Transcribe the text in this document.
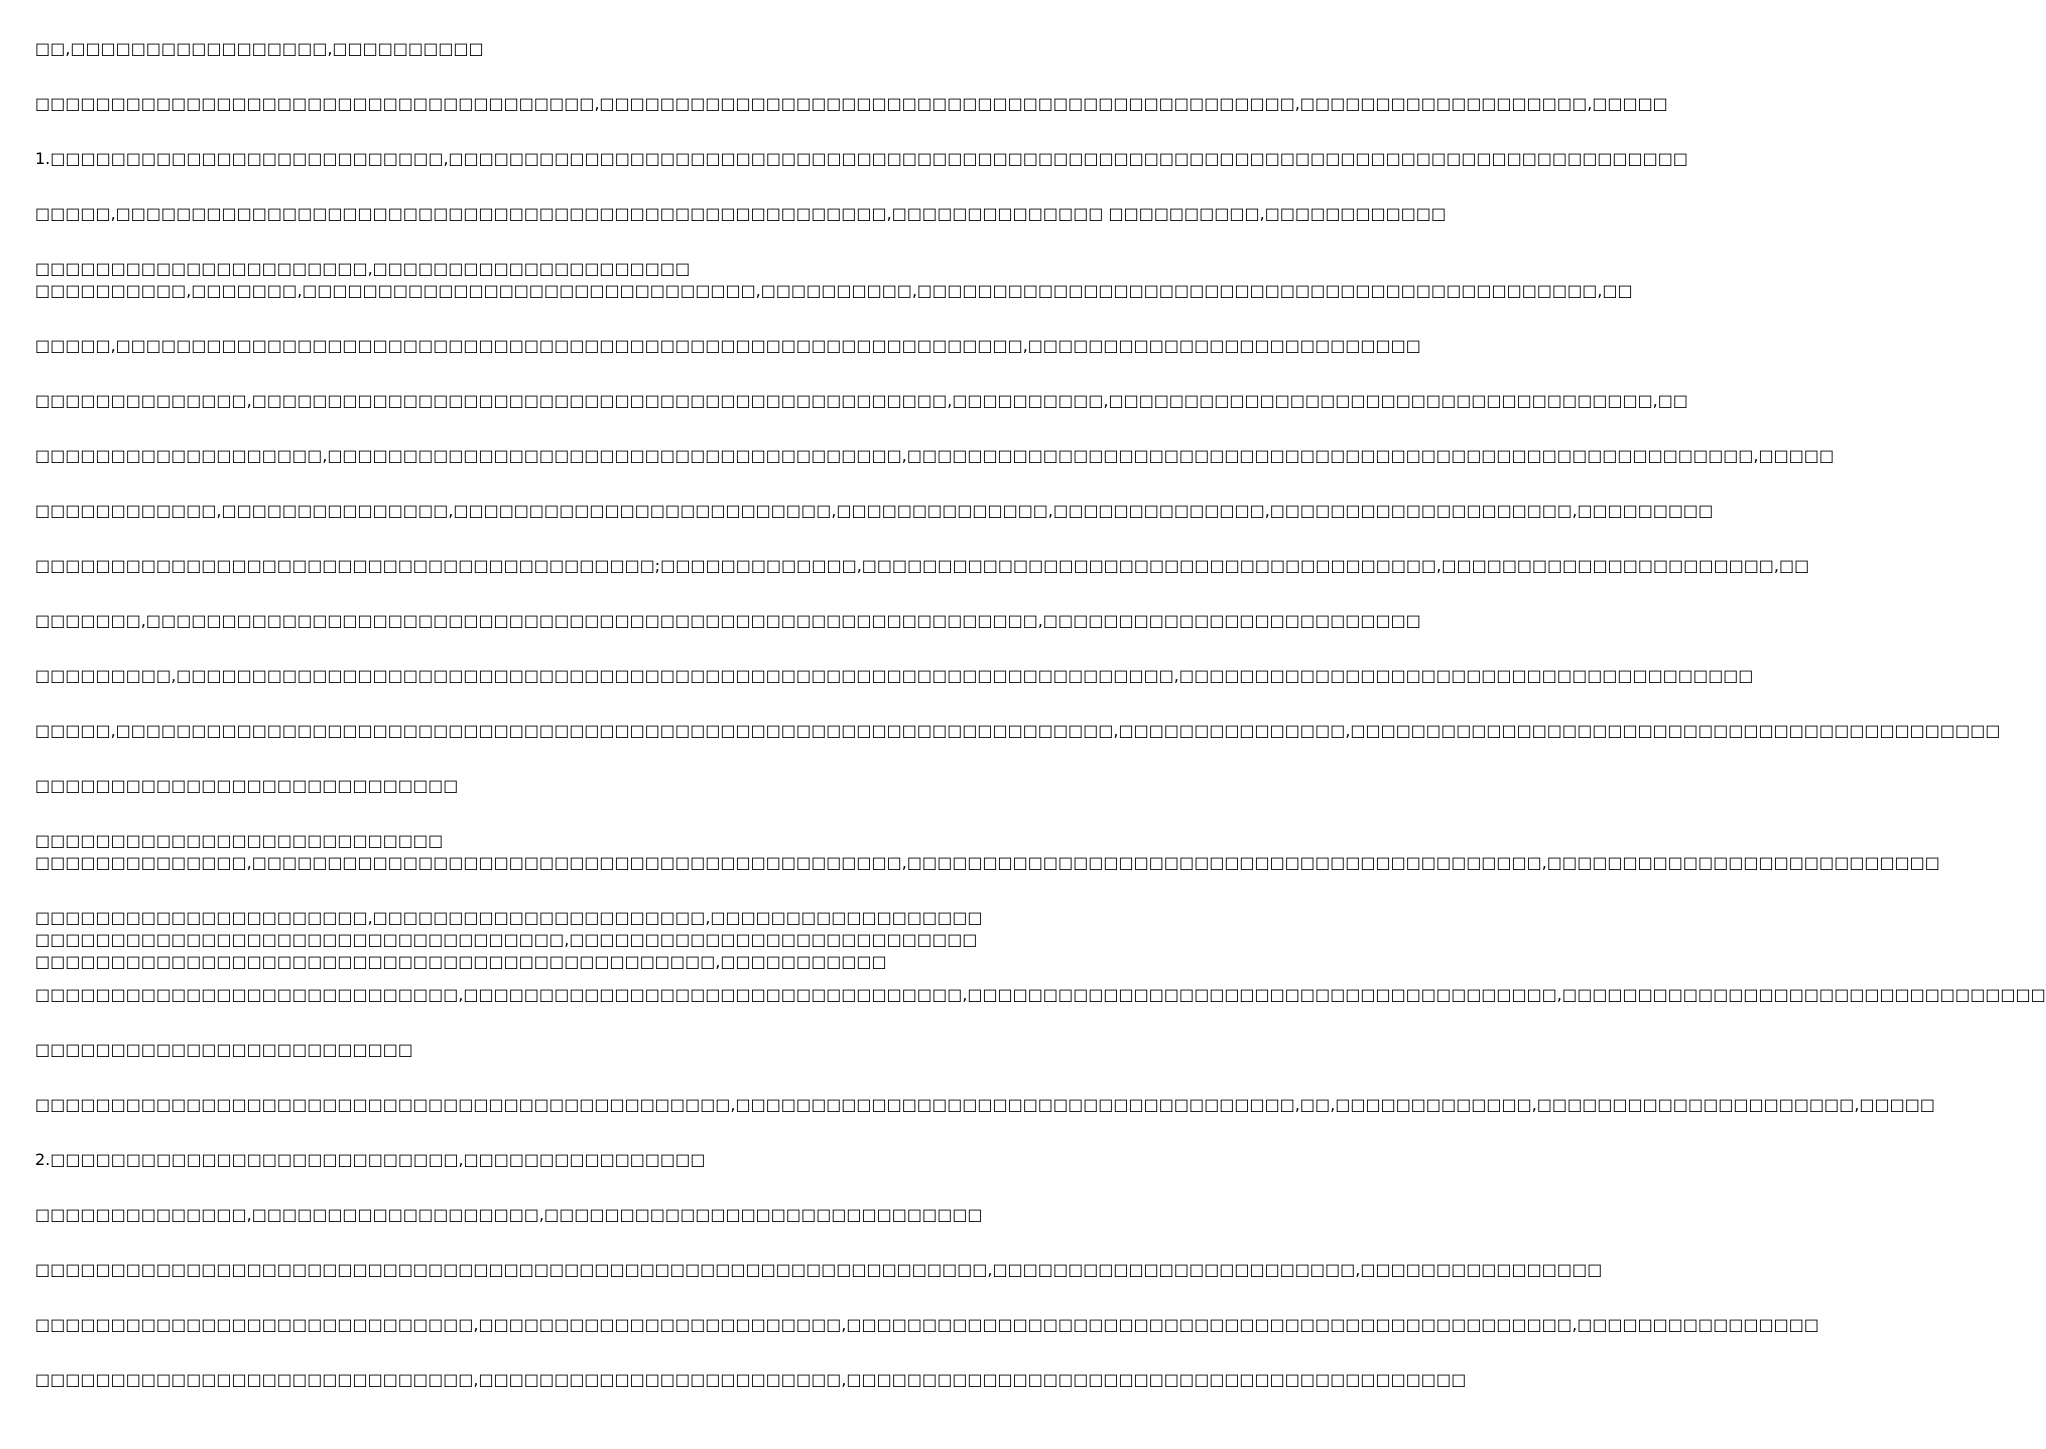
□□,□□□□□□□□□□□□□□□□□,□□□□□□□□□□
□□□□□□□□□□□□□□□□□□□□□□□□□□□□□□□□□□□□□,□□□□□□□□□□□□□□□□□□□□□□□□□□□□□□□□□□□□□□□□□□□□□□,□□□□□□□□□□□□□□□□□□□,□□□□□
1.□□□□□□□□□□□□□□□□□□□□□□□□□□,□□□□□□□□□□□□□□□□□□□□□□□□□□□□□□□□□□□□□□□□□□□□□□□□□□□□□□□□□□□□□□□□□□□□□□□□□□□□□□□□□□
□□□□□,□□□□□□□□□□□□□□□□□□□□□□□□□□□□□□□□□□□□□□□□□□□□□□□□□□□,□□□□□□□□□□□□□□ □□□□□□□□□□,□□□□□□□□□□□□
□□□□□□□□□□□□□□□□□□□□□□,□□□□□□□□□□□□□□□□□□□□□
□□□□□□□□□□,□□□□□□□,□□□□□□□□□□□□□□□□□□□□□□□□□□□□□□,□□□□□□□□□□,□□□□□□□□□□□□□□□□□□□□□□□□□□□□□□□□□□□□□□□□□□□□□,□□
□□□□□,□□□□□□□□□□□□□□□□□□□□□□□□□□□□□□□□□□□□□□□□□□□□□□□□□□□□□□□□□□□□,□□□□□□□□□□□□□□□□□□□□□□□□□□
□□□□□□□□□□□□□□,□□□□□□□□□□□□□□□□□□□□□□□□□□□□□□□□□□□□□□□□□□□□□□,□□□□□□□□□□,□□□□□□□□□□□□□□□□□□□□□□□□□□□□□□□□□□□□,□□
□□□□□□□□□□□□□□□□□□□,□□□□□□□□□□□□□□□□□□□□□□□□□□□□□□□□□□□□□□,□□□□□□□□□□□□□□□□□□□□□□□□□□□□□□□□□□□□□□□□□□□□□□□□□□□□□□□□,□□□□□
□□□□□□□□□□□□,□□□□□□□□□□□□□□□,□□□□□□□□□□□□□□□□□□□□□□□□□,□□□□□□□□□□□□□□,□□□□□□□□□□□□□□,□□□□□□□□□□□□□□□□□□□□,□□□□□□□□□
□□□□□□□□□□□□□□□□□□□□□□□□□□□□□□□□□□□□□□□□□;□□□□□□□□□□□□□,□□□□□□□□□□□□□□□□□□□□□□□□□□□□□□□□□□□□□□,□□□□□□□□□□□□□□□□□□□□□□,□□
□□□□□□□,□□□□□□□□□□□□□□□□□□□□□□□□□□□□□□□□□□□□□□□□□□□□□□□□□□□□□□□□□□□,□□□□□□□□□□□□□□□□□□□□□□□□□
□□□□□□□□□,□□□□□□□□□□□□□□□□□□□□□□□□□□□□□□□□□□□□□□□□□□□□□□□□□□□□□□□□□□□□□□□□□□,□□□□□□□□□□□□□□□□□□□□□□□□□□□□□□□□□□□□□□
□□□□□,□□□□□□□□□□□□□□□□□□□□□□□□□□□□□□□□□□□□□□□□□□□□□□□□□□□□□□□□□□□□□□□□□□,□□□□□□□□□□□□□□□,□□□□□□□□□□□□□□□□□□□□□□□□□□□□□□□□□□□□□□□□□□□
□□□□□□□□□□□□□□□□□□□□□□□□□□□□
□□□□□□□□□□□□□□□□□□□□□□□□□□□
□□□□□□□□□□□□□□,□□□□□□□□□□□□□□□□□□□□□□□□□□□□□□□□□□□□□□□□□□□,□□□□□□□□□□□□□□□□□□□□□□□□□□□□□□□□□□□□□□□□□□,□□□□□□□□□□□□□□□□□□□□□□□□□□
□□□□□□□□□□□□□□□□□□□□□□,□□□□□□□□□□□□□□□□□□□□□□,□□□□□□□□□□□□□□□□□□□□□□□□□□□□□□□□□□□□□□□□□□□□□□□□□□□□□,□□□□□□□□□□□□□□□□□□□□□□□□□□□□□□□□□□□□□□□□□□□□□□□□□□□□□□□□□□□□□□□□□□□□□□□□,□□□□□□□□□□□
□□□□□□□□□□□□□□□□□□□□□□□□□□□□,□□□□□□□□□□□□□□□□□□□□□□□□□□□□□□□□□,□□□□□□□□□□□□□□□□□□□□□□□□□□□□□□□□□□□□□□□,□□□□□□□□□□□□□□□□□□□□□□□□□□□□□□□□
□□□□□□□□□□□□□□□□□□□□□□□□□
□□□□□□□□□□□□□□□□□□□□□□□□□□□□□□□□□□□□□□□□□□□□□□,□□□□□□□□□□□□□□□□□□□□□□□□□□□□□□□□□□□□□,□□,□□□□□□□□□□□□□,□□□□□□□□□□□□□□□□□□□□□,□□□□□
2.□□□□□□□□□□□□□□□□□□□□□□□□□□□,□□□□□□□□□□□□□□□□
□□□□□□□□□□□□□□,□□□□□□□□□□□□□□□□□□□,□□□□□□□□□□□□□□□□□□□□□□□□□□□□□
□□□□□□□□□□□□□□□□□□□□□□□□□□□□□□□□□□□□□□□□□□□□□□□□□□□□□□□□□□□□□□□,□□□□□□□□□□□□□□□□□□□□□□□□,□□□□□□□□□□□□□□□□
□□□□□□□□□□□□□□□□□□□□□□□□□□□□□,□□□□□□□□□□□□□□□□□□□□□□□□,□□□□□□□□□□□□□□□□□□□□□□□□□□□□□□□□□□□□□□□□□□□□□□□□,□□□□□□□□□□□□□□□□
□□□□□□□□□□□□□□□□□□□□□□□□□□□□□,□□□□□□□□□□□□□□□□□□□□□□□□,□□□□□□□□□□□□□□□□□□□□□□□□□□□□□□□□□□□□□□□□□
